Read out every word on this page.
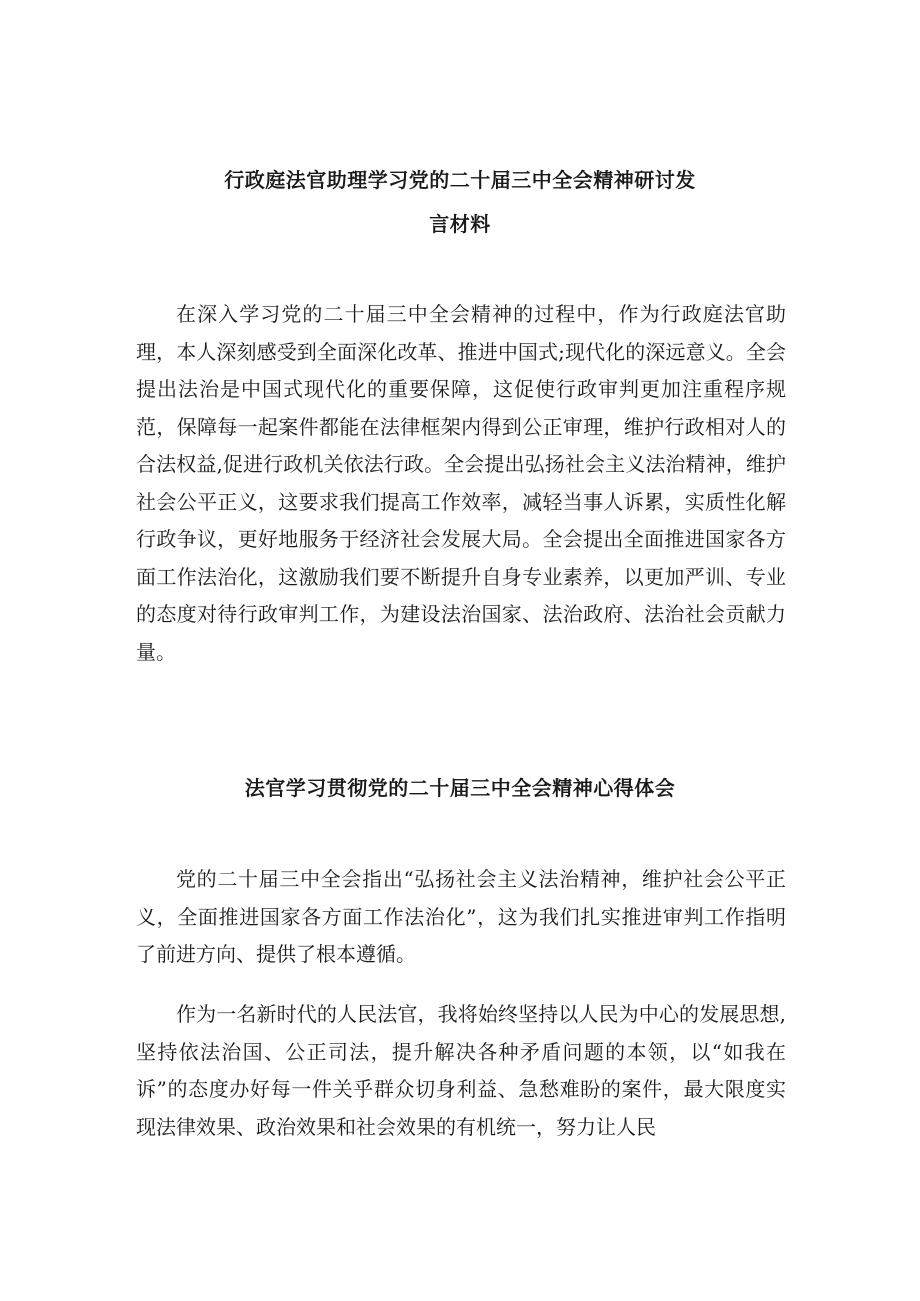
行政庭法官助理学习党的二十届三中全会精神研讨发
言材料

在深入学习党的二十届三中全会精神的过程中，作为行政庭法官助理，本人深刻感受到全面深化改革、推进中国式;现代化的深远意义。全会提出法治是中国式现代化的重要保障，这促使行政审判更加注重程序规范，保障每一起案件都能在法律框架内得到公正审理，维护行政相对人的合法权益,促进行政机关依法行政。全会提出弘扬社会主义法治精神，维护社会公平正义，这要求我们提高工作效率，减轻当事人诉累，实质性化解行政争议，更好地服务于经济社会发展大局。全会提出全面推进国家各方面工作法治化，这激励我们要不断提升自身专业素养，以更加严训、专业的态度对待行政审判工作，为建设法治国家、法治政府、法治社会贡献力量。

法官学习贯彻党的二十届三中全会精神心得体会

党的二十届三中全会指出“弘扬社会主义法治精神，维护社会公平正义，全面推进国家各方面工作法治化”，这为我们扎实推进审判工作指明了前进方向、提供了根本遵循。

作为一名新时代的人民法官，我将始终坚持以人民为中心的发展思想,坚持依法治国、公正司法，提升解决各种矛盾问题的本领，以“如我在诉”的态度办好每一件关乎群众切身利益、急愁难盼的案件，最大限度实现法律效果、政治效果和社会效果的有机统一，努力让人民
